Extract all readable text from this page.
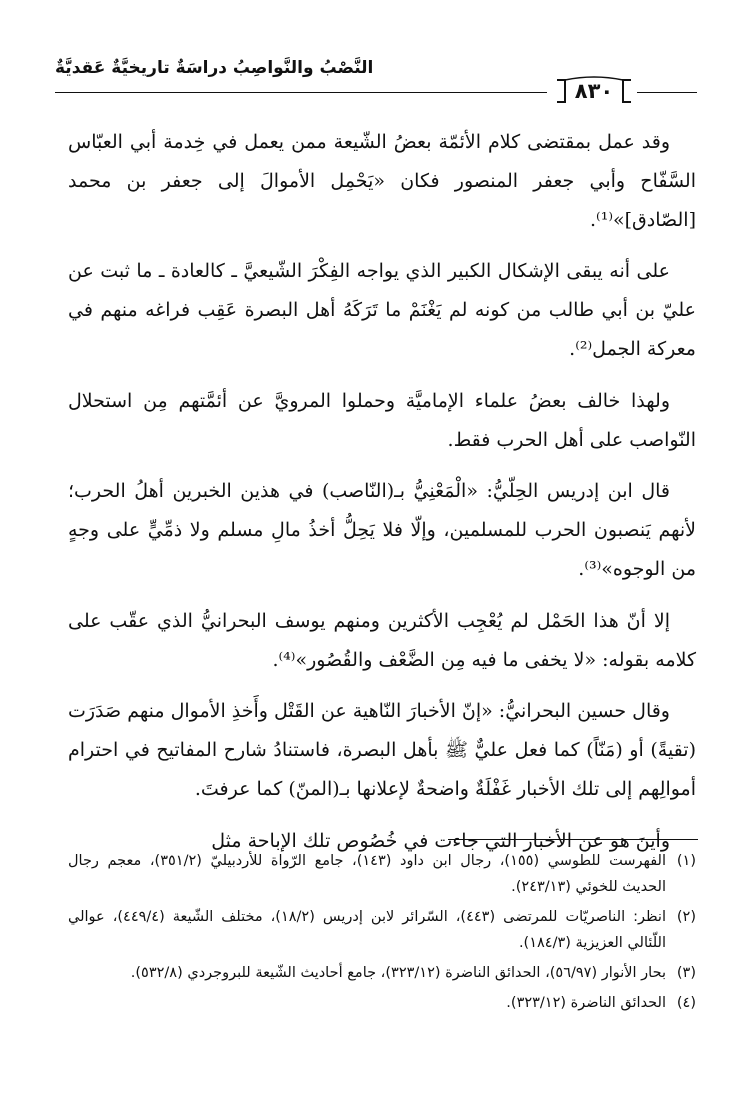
٨٣٠
النَّصْبُ والنَّواصِبُ دراسَةٌ تاريخيَّةٌ عَقديَّةٌ

وقد عمل بمقتضى كلام الأئمّة بعضُ الشّيعة ممن يعمل في خِدمة أبي العبّاس السَّفّاح وأبي جعفر المنصور فكان «يَحْمِل الأموالَ إلى جعفر بن محمد [الصّادق]»⁽¹⁾.

على أنه يبقى الإشكال الكبير الذي يواجه الفِكْرَ الشّيعيَّ ـ كالعادة ـ ما ثبت عن عليّ بن أبي طالب من كونه لم يَغْنَمْ ما تَرَكَهُ أهل البصرة عَقِب فراغه منهم في معركة الجمل⁽²⁾.

ولهذا خالف بعضُ علماء الإماميَّة وحملوا المرويَّ عن أئمَّتهم مِن استحلال النّواصب على أهل الحرب فقط.

قال ابن إدريس الحِلّيُّ: «الْمَعْنِيُّ بـ(النّاصب) في هذين الخبرين أهلُ الحرب؛ لأنهم يَنصبون الحرب للمسلمين، وإلّا فلا يَحِلُّ أخذُ مالِ مسلم ولا ذمِّيٍّ على وجهٍ من الوجوه»⁽³⁾.

إلا أنّ هذا الحَمْل لم يُعْجِب الأكثرين ومنهم يوسف البحرانيُّ الذي عقّب على كلامه بقوله: «لا يخفى ما فيه مِن الضَّعْف والقُصُور»⁽⁴⁾.

وقال حسين البحرانيُّ: «إنّ الأخبارَ النّاهية عن القَتْل وأَخذِ الأموال منهم صَدَرَت (تقيةً) أو (مَنّاً) كما فعل عليٌّ ﷺ بأهل البصرة، فاستنادُ شارح المفاتيح في احترام أموالِهم إلى تلك الأخبار غَفْلَةٌ واضحةٌ لإعلانها بـ(المنّ) كما عرفتَ.

وأينَ هو عن الأخبار التي جاءت في خُصُوص تلك الإباحة مثل

(١)
الفهرست للطوسي (١٥٥)، رجال ابن داود (١٤٣)، جامع الرّواة للأردبيليّ (٣٥١/٢)، معجم رجال الحديث للخوئي (٢٤٣/١٣).
(٢)
انظر: الناصريّات للمرتضى (٤٤٣)، السّرائر لابن إدريس (١٨/٢)، مختلف الشّيعة (٤٤٩/٤)، عوالي اللّئالي العزيزية (١٨٤/٣).
(٣)
بحار الأنوار (٥٦/٩٧)، الحدائق الناضرة (٣٢٣/١٢)، جامع أحاديث الشّيعة للبروجردي (٥٣٢/٨).
(٤)
الحدائق الناضرة (٣٢٣/١٢).
